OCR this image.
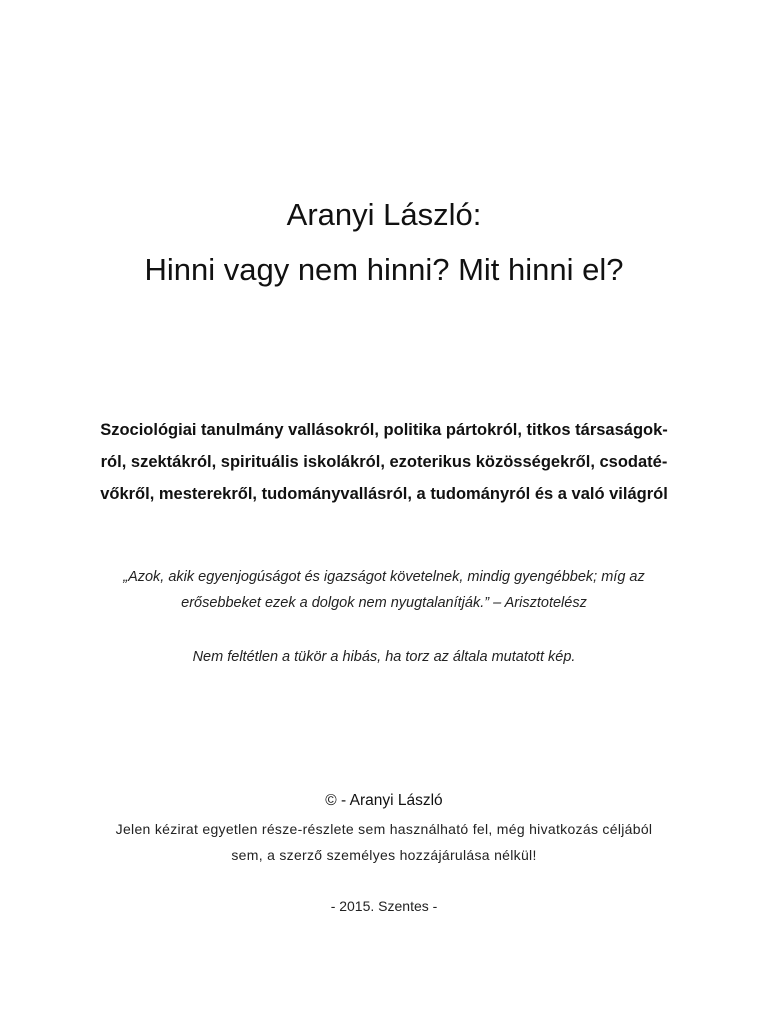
Aranyi László:
Hinni vagy nem hinni? Mit hinni el?
Szociológiai tanulmány vallásokról, politika pártokról, titkos társaságok-
ról, szektákról, spirituális iskolákról, ezoterikus közösségekről, csodaté-
vőkről, mesterekről, tudományvallásról, a tudományról és a való világról
„Azok, akik egyenjogúságot és igazságot követelnek, mindig gyengébbek; míg az
erősebbeket ezek a dolgok nem nyugtalanítják.” – Arisztotelész
Nem feltétlen a tükör a hibás, ha torz az általa mutatott kép.
© - Aranyi László
Jelen kézirat egyetlen része-részlete sem használható fel, még hivatkozás céljából
sem, a szerző személyes hozzájárulása nélkül!
- 2015. Szentes -
